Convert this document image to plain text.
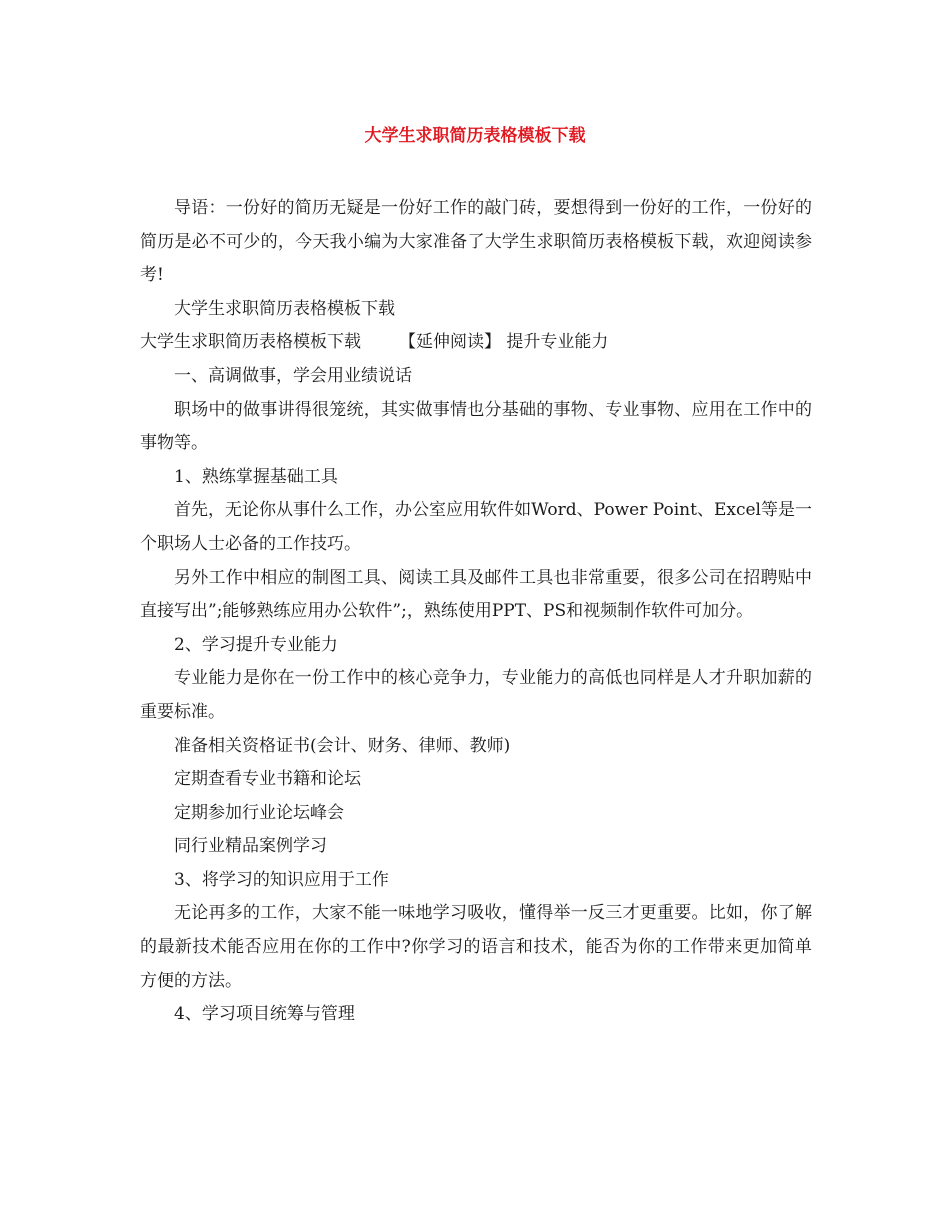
大学生求职简历表格模板下载

导语：一份好的简历无疑是一份好工作的敲门砖，要想得到一份好的工作，一份好的简历是必不可少的，今天我小编为大家准备了大学生求职简历表格模板下载，欢迎阅读参考!

大学生求职简历表格模板下载

大学生求职简历表格模板下载 【延伸阅读】 提升专业能力

一、高调做事，学会用业绩说话

职场中的做事讲得很笼统，其实做事情也分基础的事物、专业事物、应用在工作中的事物等。

1、熟练掌握基础工具

首先，无论你从事什么工作，办公室应用软件如Word、Power Point、Excel等是一个职场人士必备的工作技巧。

另外工作中相应的制图工具、阅读工具及邮件工具也非常重要，很多公司在招聘贴中直接写出”;能够熟练应用办公软件”;，熟练使用PPT、PS和视频制作软件可加分。

2、学习提升专业能力

专业能力是你在一份工作中的核心竞争力，专业能力的高低也同样是人才升职加薪的重要标准。

准备相关资格证书(会计、财务、律师、教师)

定期查看专业书籍和论坛

定期参加行业论坛峰会

同行业精品案例学习

3、将学习的知识应用于工作

无论再多的工作，大家不能一味地学习吸收，懂得举一反三才更重要。比如，你了解的最新技术能否应用在你的工作中?你学习的语言和技术，能否为你的工作带来更加简单方便的方法。

4、学习项目统筹与管理
